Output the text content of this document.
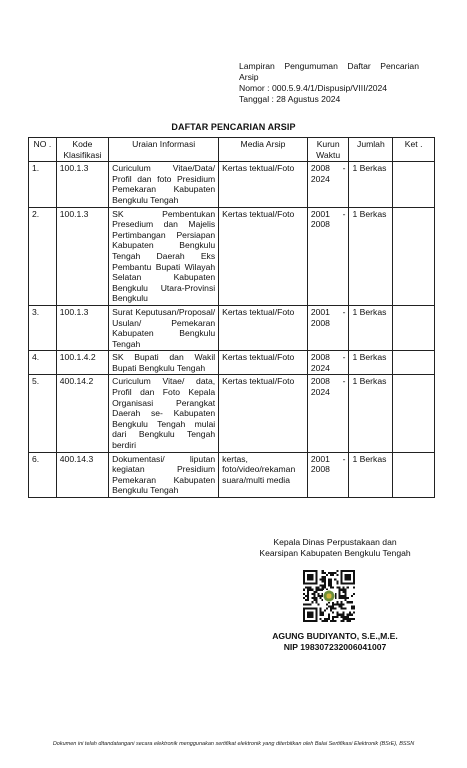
Lampiran Pengumuman Daftar Pencarian
Arsip
Nomor : 000.5.9.4/1/Dispusip/VIII/2024
Tanggal : 28 Agustus 2024
DAFTAR PENCARIAN ARSIP
NO .	Kode Klasifikasi	Uraian Informasi	Media Arsip	Kurun Waktu	Jumlah	Ket .
1.	100.1.3	Curiculum Vitae/Data/ Profil dan foto Presidium Pemekaran Kabupaten Bengkulu Tengah	Kertas tektual/Foto	2008 - 2024	1 Berkas	
2.	100.1.3	SK Pembentukan Presedium dan Majelis Pertimbangan Persiapan Kabupaten Bengkulu Tengah Daerah Eks Pembantu Bupati Wilayah Selatan Kabupaten Bengkulu Utara-Provinsi Bengkulu	Kertas tektual/Foto	2001 - 2008	1 Berkas	
3.	100.1.3	Surat Keputusan/Proposal/ Usulan/ Pemekaran Kabupaten Bengkulu Tengah	Kertas tektual/Foto	2001 - 2008	1 Berkas	
4.	100.1.4.2	SK Bupati dan Wakil Bupati Bengkulu Tengah	Kertas tektual/Foto	2008 - 2024	1 Berkas	
5.	400.14.2	Curiculum Vitae/ data, Profil dan Foto Kepala Organisasi Perangkat Daerah se- Kabupaten Bengkulu Tengah mulai dari Bengkulu Tengah berdiri	Kertas tektual/Foto	2008 - 2024	1 Berkas	
6.	400.14.3	Dokumentasi/ liputan kegiatan Presidium Pemekaran Kabupaten Bengkulu Tengah	kertas, foto/video/rekaman suara/multi media	2001 - 2008	1 Berkas	
Kepala Dinas Perpustakaan dan
Kearsipan Kabupaten Bengkulu Tengah
AGUNG BUDIYANTO, S.E.,M.E.
NIP 198307232006041007
Dokumen ini telah ditandatangani secara elektronik menggunakan sertifikat elektronik yang diterbitkan oleh Balai Sertifikasi Elektronik (BSrE), BSSN
